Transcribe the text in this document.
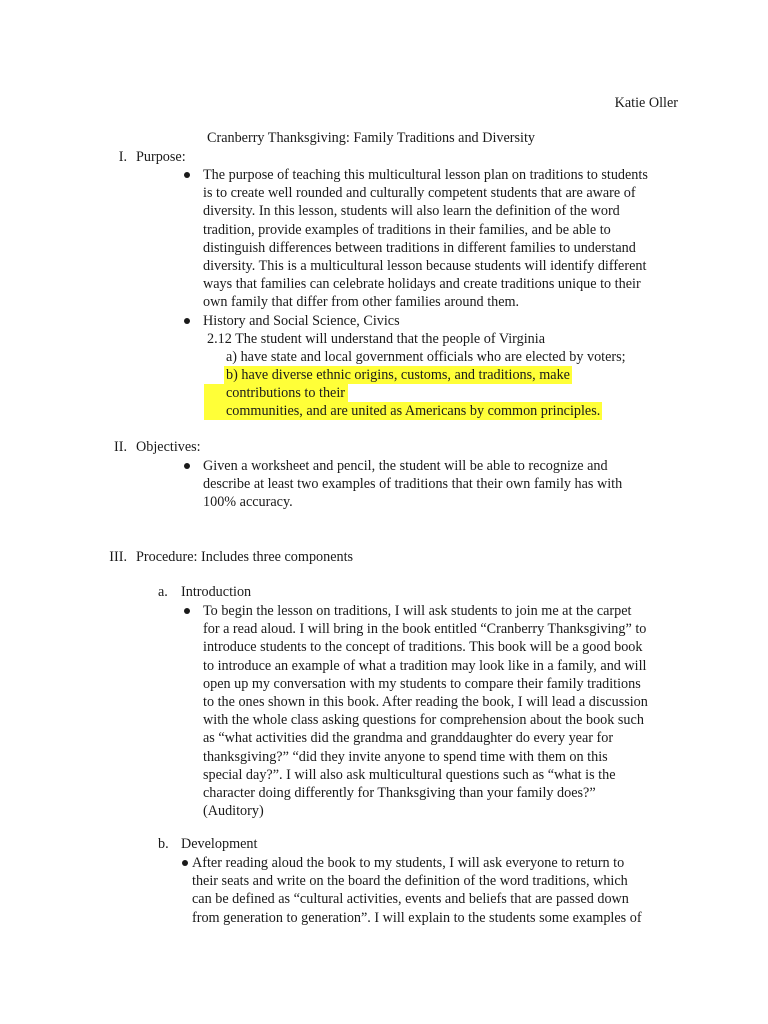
Katie Oller
Cranberry Thanksgiving: Family Traditions and Diversity
I. Purpose:
The purpose of teaching this multicultural lesson plan on traditions to students
is to create well rounded and culturally competent students that are aware of
diversity. In this lesson, students will also learn the definition of the word
tradition, provide examples of traditions in their families, and be able to
distinguish differences between traditions in different families to understand
diversity. This is a multicultural lesson because students will identify different
ways that families can celebrate holidays and create traditions unique to their
own family that differ from other families around them.
History and Social Science, Civics
2.12 The student will understand that the people of Virginia
a) have state and local government officials who are elected by voters;
b) have diverse ethnic origins, customs, and traditions, make
contributions to their
communities, and are united as Americans by common principles.
II. Objectives:
Given a worksheet and pencil, the student will be able to recognize and
describe at least two examples of traditions that their own family has with
100% accuracy.
III. Procedure: Includes three components
a. Introduction
To begin the lesson on traditions, I will ask students to join me at the carpet
for a read aloud. I will bring in the book entitled “Cranberry Thanksgiving” to
introduce students to the concept of traditions. This book will be a good book
to introduce an example of what a tradition may look like in a family, and will
open up my conversation with my students to compare their family traditions
to the ones shown in this book. After reading the book, I will lead a discussion
with the whole class asking questions for comprehension about the book such
as “what activities did the grandma and granddaughter do every year for
thanksgiving?” “did they invite anyone to spend time with them on this
special day?”. I will also ask multicultural questions such as “what is the
character doing differently for Thanksgiving than your family does?”
(Auditory)
b. Development
After reading aloud the book to my students, I will ask everyone to return to
their seats and write on the board the definition of the word traditions, which
can be defined as “cultural activities, events and beliefs that are passed down
from generation to generation”. I will explain to the students some examples of
